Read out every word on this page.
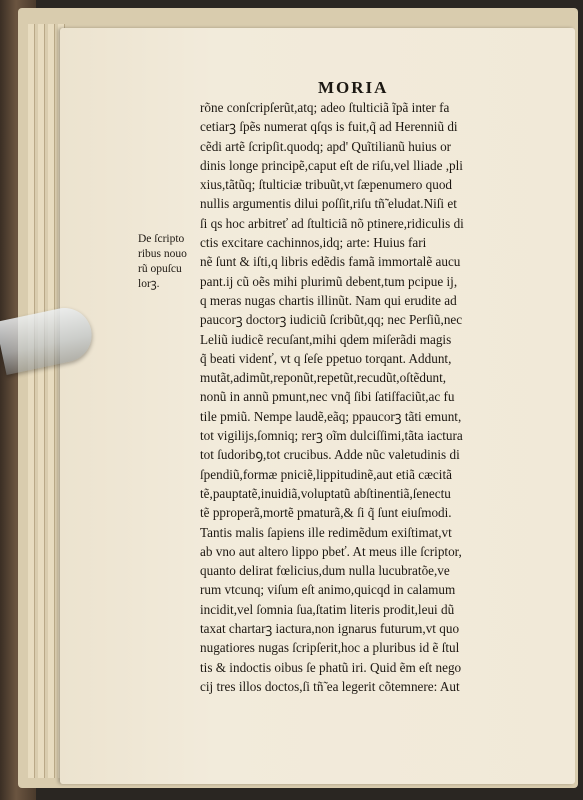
MORIA
De ſcripto
ribus nouo
rũ opuſcu
lorꝫ.
rõne conſcripſerũt,atq; adeo ſtulticiã ĩpã inter fa
cetiarꝫ ſpẽs numerat qſqs is fuit,q̃ ad Herenniũ di
cẽdi artẽ ſcripſit.quodq; apd' Quĩtilianũ huius or
dinis longe principẽ,caput eſt de riſu,vel lliade ,pli
xius,tãtũq; ſtulticiæ tribuũt,vt ſæpenumero quod
nullis argumentis dilui poſſit,riſu tñ̃ eludat.Niſi et
ſi qs hoc arbitreť ad ſtulticiã nõ ptinere,ridiculis di
ctis excitare cachinnos,idq; arte: Huius fari
nẽ ſunt & iſti,q libris edẽdis famã immortalẽ aucu
pant.ij cũ oẽs mihi plurimũ debent,tum pcipue ij,
q meras nugas chartis illinũt. Nam qui erudite ad
paucorꝫ doctorꝫ iudiciũ ſcribũt,qq; nec Perſiũ,nec
Leliũ iudicẽ recuſant,mihi qdem miſerãdi magis
q̃ beati videnť, vt q ſeſe ppetuo torqant. Addunt,
mutãt,adimũt,reponũt,repetũt,recudũt,oſtẽdunt,
nonũ in annũ pmunt,nec vnq̃ ſibi ſatiſfaciũt,ac fu
tile pmiũ. Nempe laudẽ,eãq; ppaucorꝫ tãti emunt,
tot vigilijs,ſomniq; rerꝫ oĩm dulciſſimi,tãta iactura
tot ſudoribꝯ,tot crucibus. Adde nũc valetudinis di
ſpendiũ,formæ pniciẽ,lippitudinẽ,aut etiã cæcitã
tẽ,pauptatẽ,inuidiã,voluptatũ abſtinentiã,ſenectu
tẽ pproperã,mortẽ pmaturã,& ſi q̃ ſunt eiuſmodi.
Tantis malis ſapiens ille redimẽdum exiſtimat,vt
ab vno aut altero lippo pbeť. At meus ille ſcriptor,
quanto delirat fœlicius,dum nulla lucubratõe,ve
rum vtcunq; viſum eſt animo,quicqd in calamum
incidit,vel ſomnia ſua,ſtatim literis prodit,leui dũ
taxat chartarꝫ iactura,non ignarus futurum,vt quo
nugatiores nugas ſcripſerit,hoc a pluribus id ẽ ſtul
tis & indoctis oibus ſe phatũ iri. Quid ẽm eſt nego
cij tres illos doctos,ſi tñ̃ ea legerit cõtemnere: Aut
